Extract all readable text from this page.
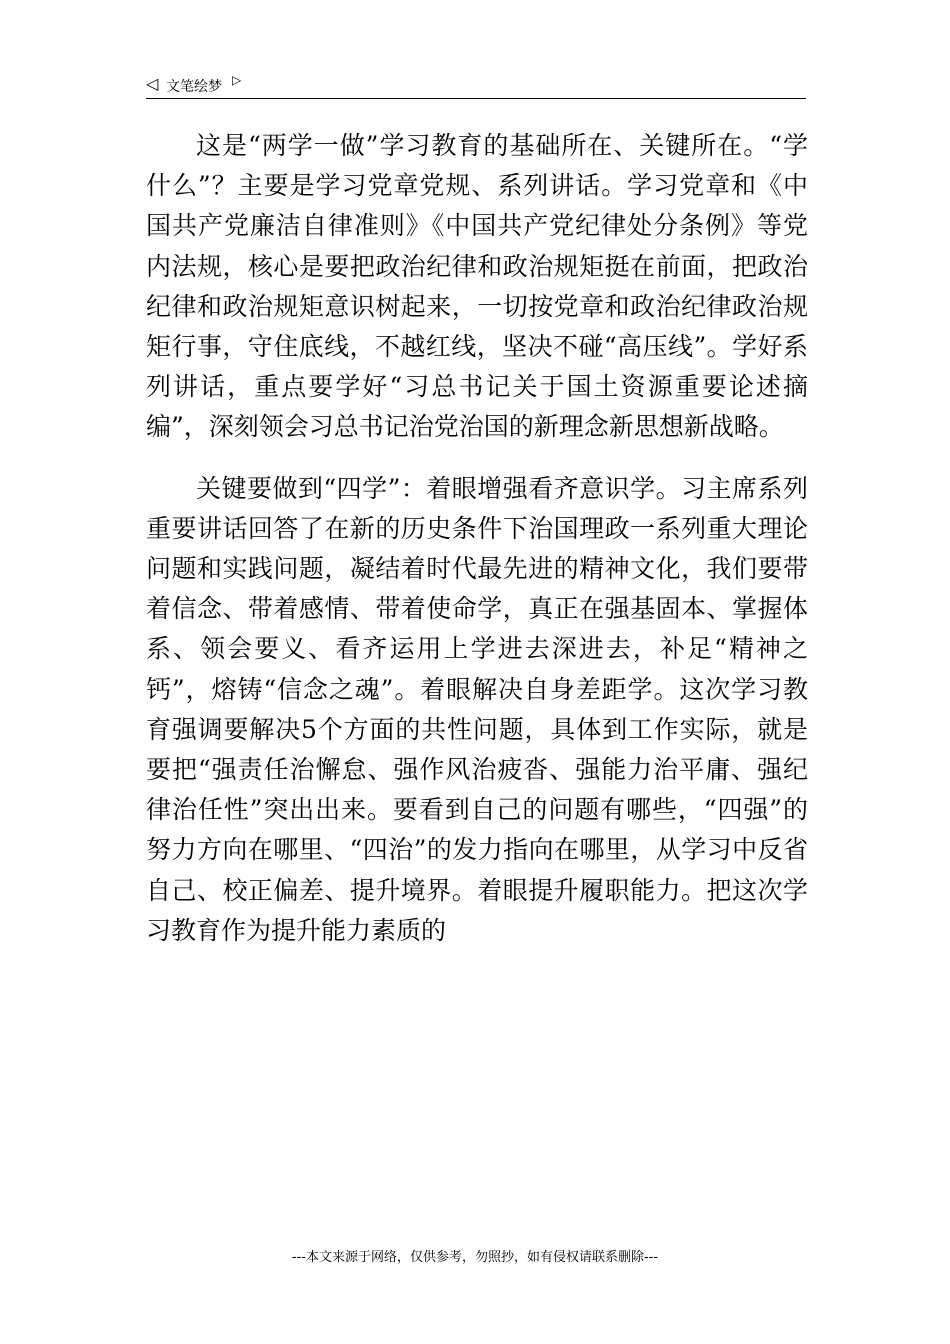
◁ 文笔绘梦 ▷

这是“两学一做”学习教育的基础所在、关键所在。“学什么”？主要是学习党章党规、系列讲话。学习党章和《中国共产党廉洁自律准则》《中国共产党纪律处分条例》等党内法规，核心是要把政治纪律和政治规矩挺在前面，把政治纪律和政治规矩意识树起来，一切按党章和政治纪律政治规矩行事，守住底线，不越红线，坚决不碰“高压线”。学好系列讲话，重点要学好“习总书记关于国土资源重要论述摘编”，深刻领会习总书记治党治国的新理念新思想新战略。

关键要做到“四学”：着眼增强看齐意识学。习主席系列重要讲话回答了在新的历史条件下治国理政一系列重大理论问题和实践问题，凝结着时代最先进的精神文化，我们要带着信念、带着感情、带着使命学，真正在强基固本、掌握体系、领会要义、看齐运用上学进去深进去，补足“精神之钙”，熔铸“信念之魂”。着眼解决自身差距学。这次学习教育强调要解决5个方面的共性问题，具体到工作实际，就是要把“强责任治懈怠、强作风治疲沓、强能力治平庸、强纪律治任性”突出出来。要看到自己的问题有哪些，“四强”的努力方向在哪里、“四治”的发力指向在哪里，从学习中反省自己、校正偏差、提升境界。着眼提升履职能力。把这次学习教育作为提升能力素质的

---本文来源于网络，仅供参考，勿照抄，如有侵权请联系删除---
